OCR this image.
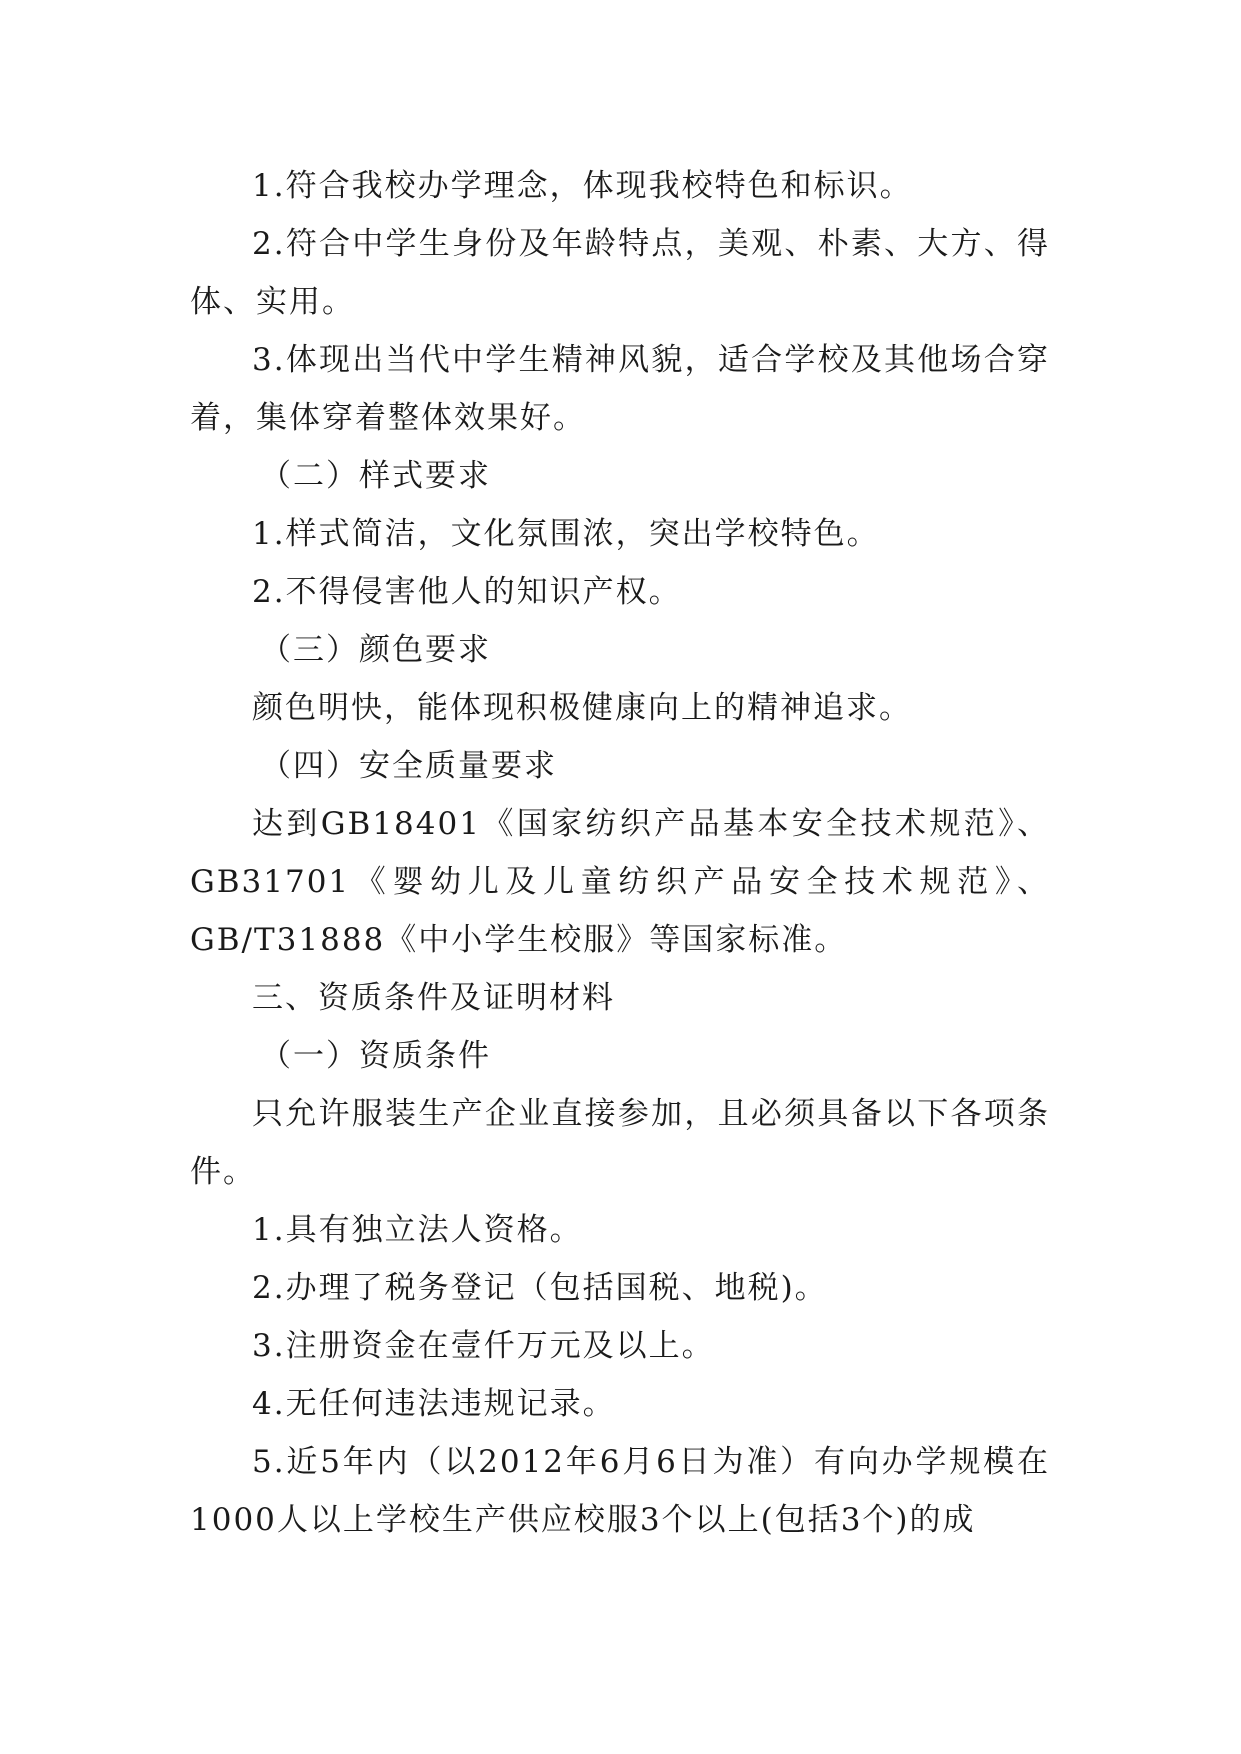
1.符合我校办学理念，体现我校特色和标识。

2.符合中学生身份及年龄特点，美观、朴素、大方、得体、实用。

3.体现出当代中学生精神风貌，适合学校及其他场合穿着，集体穿着整体效果好。

（二）样式要求

1.样式简洁，文化氛围浓，突出学校特色。

2.不得侵害他人的知识产权。

（三）颜色要求

颜色明快，能体现积极健康向上的精神追求。

（四）安全质量要求

达到GB18401《国家纺织产品基本安全技术规范》、GB31701《婴幼儿及儿童纺织产品安全技术规范》、GB/T31888《中小学生校服》等国家标准。

三、资质条件及证明材料

（一）资质条件

只允许服装生产企业直接参加，且必须具备以下各项条件。

1.具有独立法人资格。

2.办理了税务登记（包括国税、地税)。

3.注册资金在壹仟万元及以上。

4.无任何违法违规记录。

5.近5年内（以2012年6月6日为准）有向办学规模在1000人以上学校生产供应校服3个以上(包括3个)的成
